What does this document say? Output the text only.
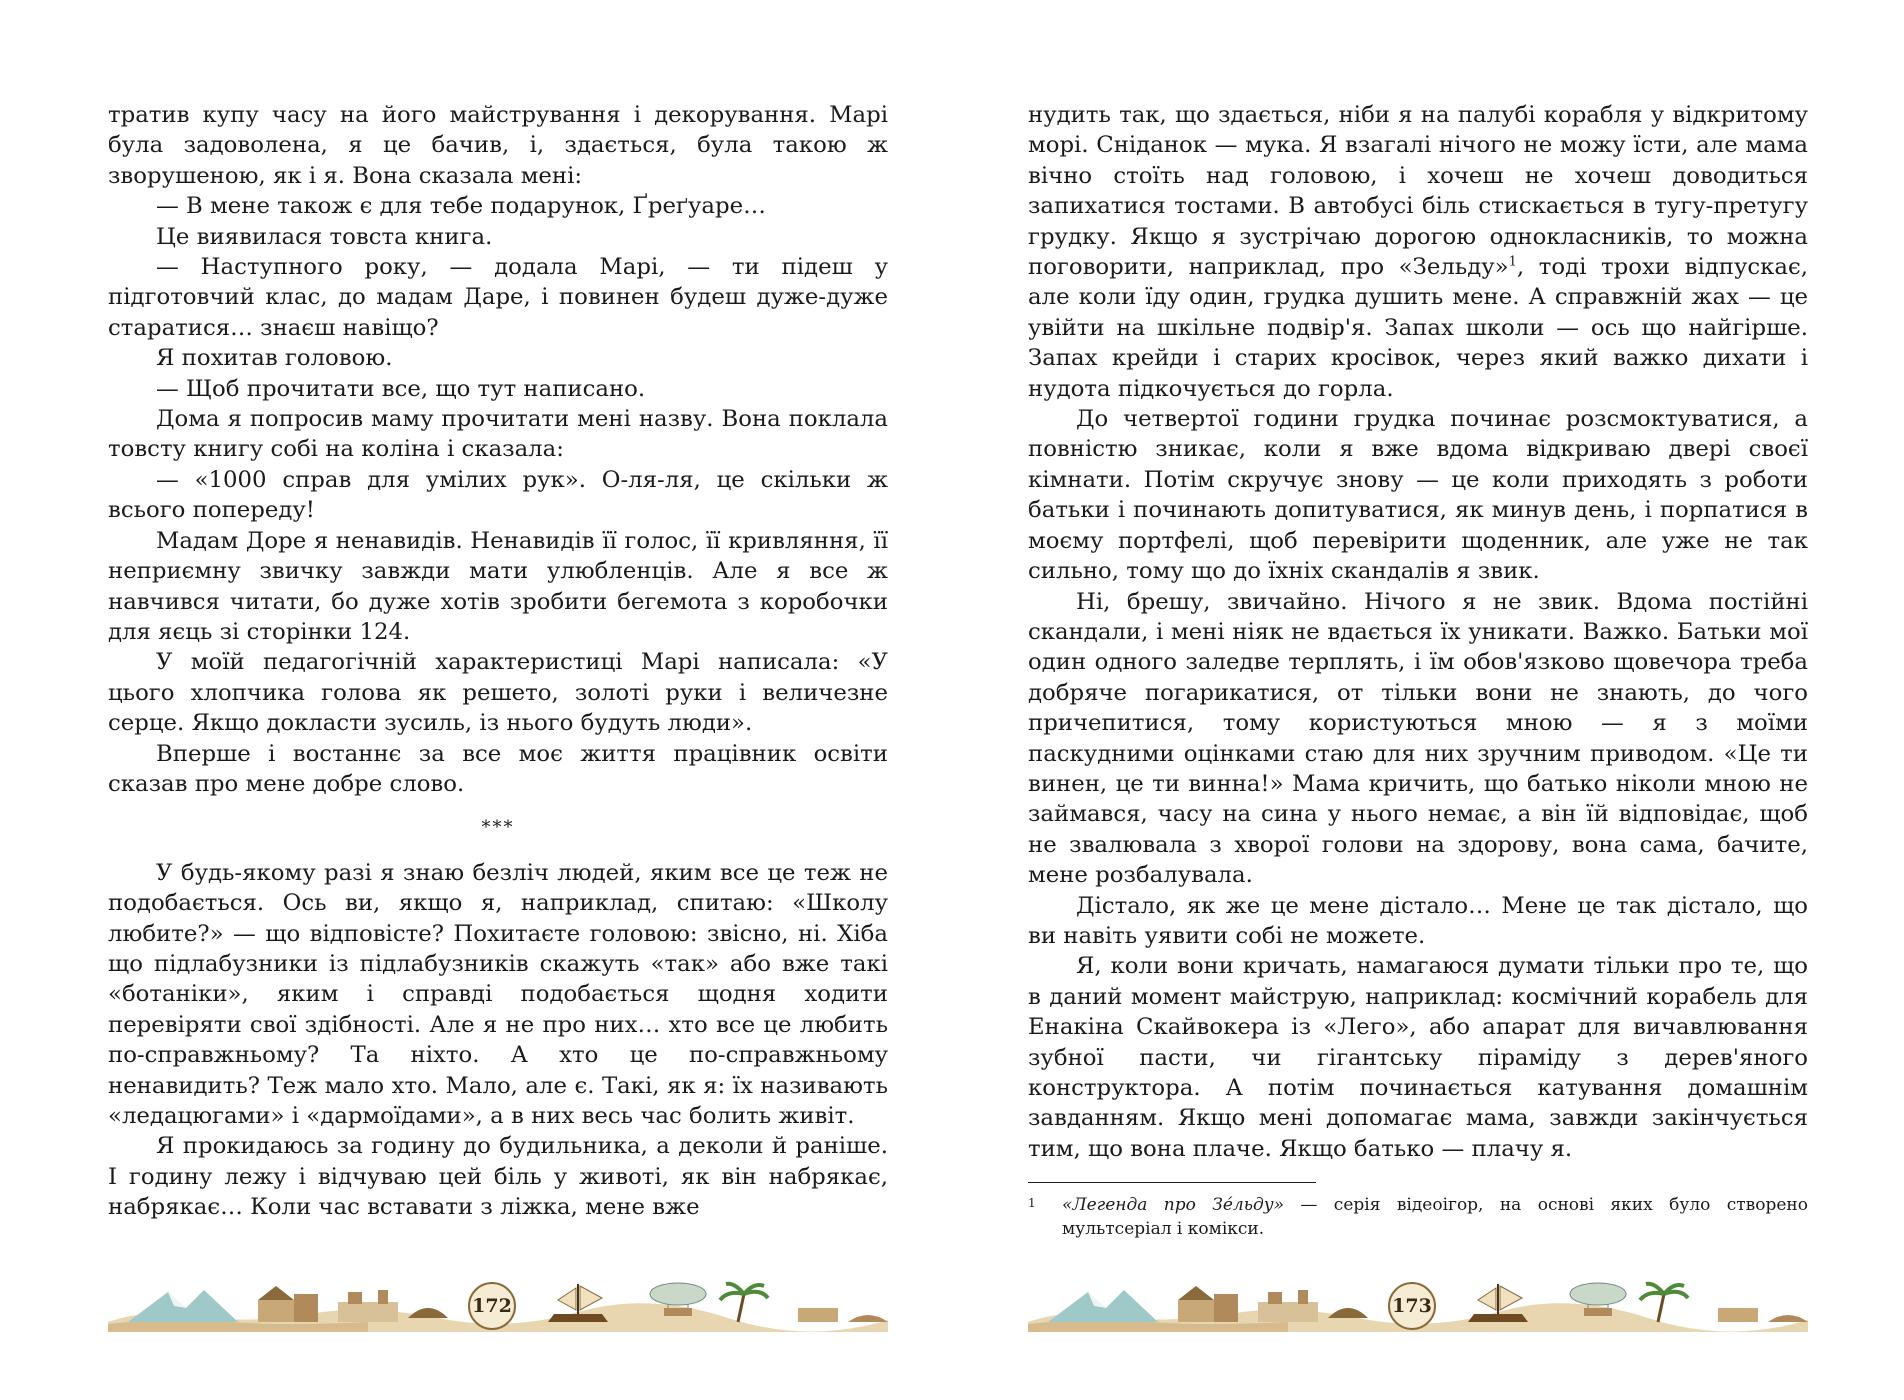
тратив купу часу на його майстрування і декорування. Марі була задоволена, я це бачив, і, здається, була такою ж зворушеною, як і я. Вона сказала мені:

— В мене також є для тебе подарунок, Ґреґуаре…

Це виявилася товста книга.

— Наступного року, — додала Марі, — ти підеш у підготовчий клас, до мадам Даре, і повинен будеш дуже-дуже старатися… знаєш навіщо?

Я похитав головою.

— Щоб прочитати все, що тут написано.

Дома я попросив маму прочитати мені назву. Вона поклала товсту книгу собі на коліна і сказала:

— «1000 справ для умілих рук». О-ля-ля, це скільки ж всього попереду!

Мадам Доре я ненавидів. Ненавидів її голос, її кривляння, її неприємну звичку завжди мати улюбленців. Але я все ж навчився читати, бо дуже хотів зробити бегемота з коробочки для яєць зі сторінки 124.

У моїй педагогічній характеристиці Марі написала: «У цього хлопчика голова як решето, золоті руки і величезне серце. Якщо докласти зусиль, із нього будуть люди».

Вперше і востаннє за все моє життя працівник освіти сказав про мене добре слово.

***

У будь-якому разі я знаю безліч людей, яким все це теж не подобається. Ось ви, якщо я, наприклад, спитаю: «Школу любите?» — що відповісте? Похитаєте головою: звісно, ні. Хіба що підлабузники із підлабузників скажуть «так» або вже такі «ботаніки», яким і справді подобається щодня ходити перевіряти свої здібності. Але я не про них… хто все це любить по-справжньому? Та ніхто. А хто це по-справжньому ненавидить? Теж мало хто. Мало, але є. Такі, як я: їх називають «ледацюгами» і «дармоїдами», а в них весь час болить живіт.

Я прокидаюсь за годину до будильника, а деколи й раніше. І годину лежу і відчуваю цей біль у животі, як він набрякає, набрякає… Коли час вставати з ліжка, мене вже

нудить так, що здається, ніби я на палубі корабля у відкритому морі. Сніданок — мука. Я взагалі нічого не можу їсти, але мама вічно стоїть над головою, і хочеш не хочеш доводиться запихатися тостами. В автобусі біль стискається в тугу-претугу грудку. Якщо я зустрічаю дорогою однокласників, то можна поговорити, наприклад, про «Зельду»$^1$, тоді трохи відпускає, але коли їду один, грудка душить мене. А справжній жах — це увійти на шкільне подвір'я. Запах школи — ось що найгірше. Запах крейди і старих кросівок, через який важко дихати і нудота підкочується до горла.

До четвертої години грудка починає розсмоктуватися, а повністю зникає, коли я вже вдома відкриваю двері своєї кімнати. Потім скручує знову — це коли приходять з роботи батьки і починають допитуватися, як минув день, і порпатися в моєму портфелі, щоб перевірити щоденник, але уже не так сильно, тому що до їхніх скандалів я звик.

Ні, брешу, звичайно. Нічого я не звик. Вдома постійні скандали, і мені ніяк не вдається їх уникати. Важко. Батьки мої один одного заледве терплять, і їм обов'язково щовечора треба добряче погарикатися, от тільки вони не знають, до чого причепитися, тому користуються мною — я з моїми паскудними оцінками стаю для них зручним приводом. «Це ти винен, це ти винна!» Мама кричить, що батько ніколи мною не займався, часу на сина у нього немає, а він їй відповідає, щоб не звалювала з хворої голови на здорову, вона сама, бачите, мене розбалувала.

Дістало, як же це мене дістало… Мене це так дістало, що ви навіть уявити собі не можете.

Я, коли вони кричать, намагаюся думати тільки про те, що в даний момент майструю, наприклад: космічний корабель для Енакіна Скайвокера із «Лего», або апарат для вичавлювання зубної пасти, чи гігантську піраміду з дерев'яного конструктора. А потім починається катування домашнім завданням. Якщо мені допомагає мама, завжди закінчується тим, що вона плаче. Якщо батько — плачу я.

1	«Легенда про Зе́льду» — серія відеоігор, на основі яких було створено мультсеріал і комікси.
172	173
